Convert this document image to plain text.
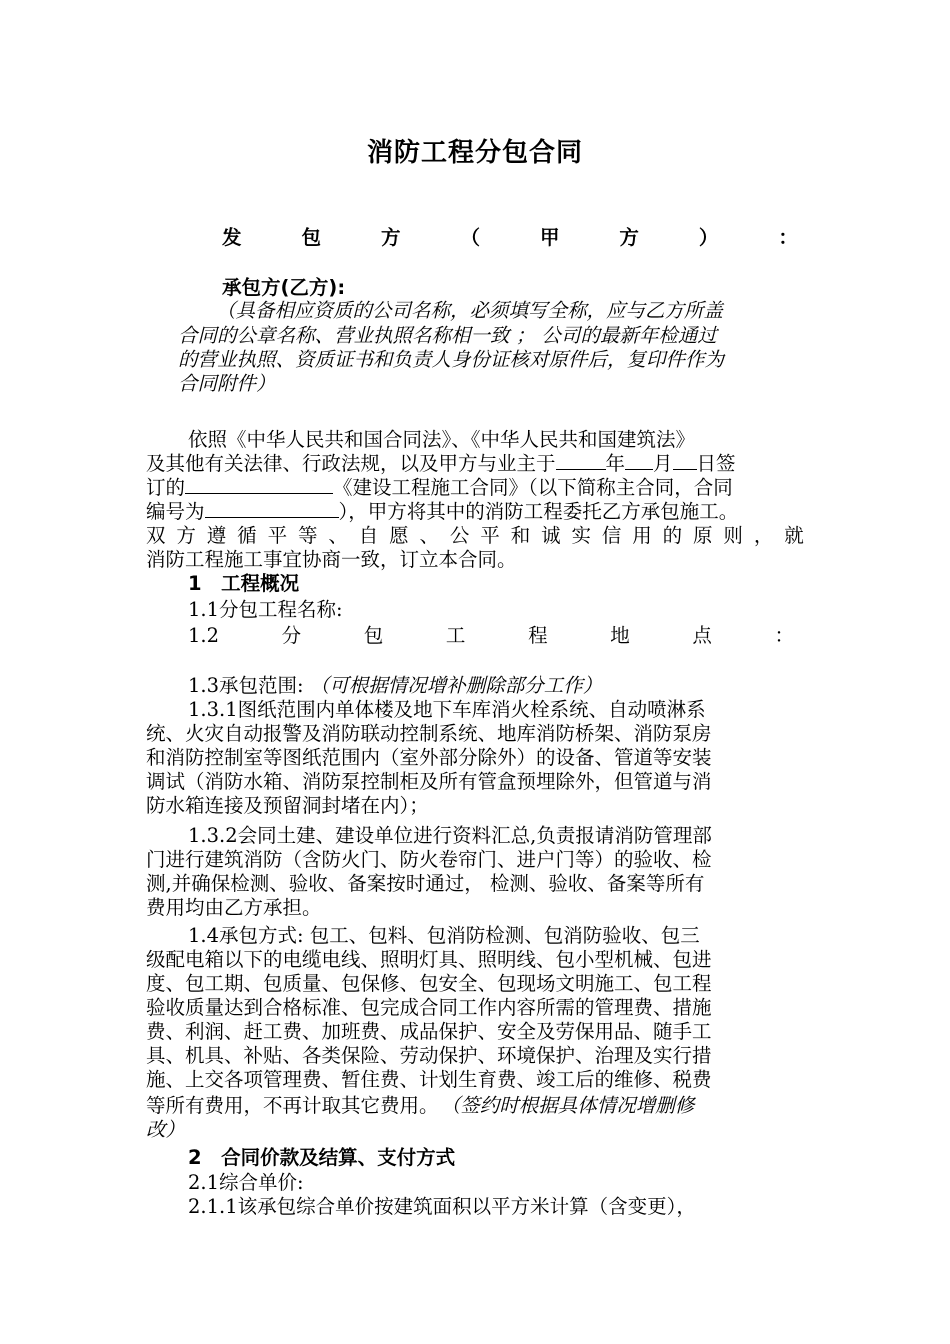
消防工程分包合同
发	包	方	（	甲	方	）	：
承包方(乙方):
（具备相应资质的公司名称，必须填写全称，应与乙方所盖
合同的公章名称、营业执照名称相一致 ； 公司的最新年检通过
的营业执照、资质证书和负责人身份证核对原件后，复印件作为
合同附件）
依照《中华人民共和国合同法》、《中华人民共和国建筑法》
及其他有关法律、行政法规，以及甲方与业主于	年 月 日签
订的	《建设工程施工合同》（以下简称主合同，合同
编号为	），甲方将其中的消防工程委托乙方承包施工。
双 方 遵 循 平 等 、 自 愿 、 公 平 和 诚 实 信 用 的 原 则 ， 就
消防工程施工事宜协商一致，订立本合同。
1　工程概况
1.1分包工程名称:
1.2	分	包	工	程	地	点	：
1.3承包范围: （可根据情况增补删除部分工作）
1.3.1图纸范围内单体楼及地下车库消火栓系统、自动喷淋系
统、火灾自动报警及消防联动控制系统、地库消防桥架、消防泵房
和消防控制室等图纸范围内（室外部分除外）的设备、管道等安装
调试（消防水箱、消防泵控制柜及所有管盒预埋除外，但管道与消
防水箱连接及预留洞封堵在内）；
1.3.2会同土建、建设单位进行资料汇总,负责报请消防管理部
门进行建筑消防（含防火门、防火卷帘门、进户门等）的验收、检
测,并确保检测、验收、备案按时通过， 检测、验收、备案等所有
费用均由乙方承担。
1.4承包方式: 包工、包料、包消防检测、包消防验收、包三
级配电箱以下的电缆电线、照明灯具、照明线、包小型机械、包进
度、包工期、包质量、包保修、包安全、包现场文明施工、包工程
验收质量达到合格标准、包完成合同工作内容所需的管理费、措施
费、利润、赶工费、加班费、成品保护、安全及劳保用品、随手工
具、机具、补贴、各类保险、劳动保护、环境保护、治理及实行措
施、上交各项管理费、暂住费、计划生育费、竣工后的维修、税费
等所有费用，不再计取其它费用。 （签约时根据具体情况增删修
改）
2　合同价款及结算、支付方式
2.1综合单价:
2.1.1该承包综合单价按建筑面积以平方米计算（含变更），
